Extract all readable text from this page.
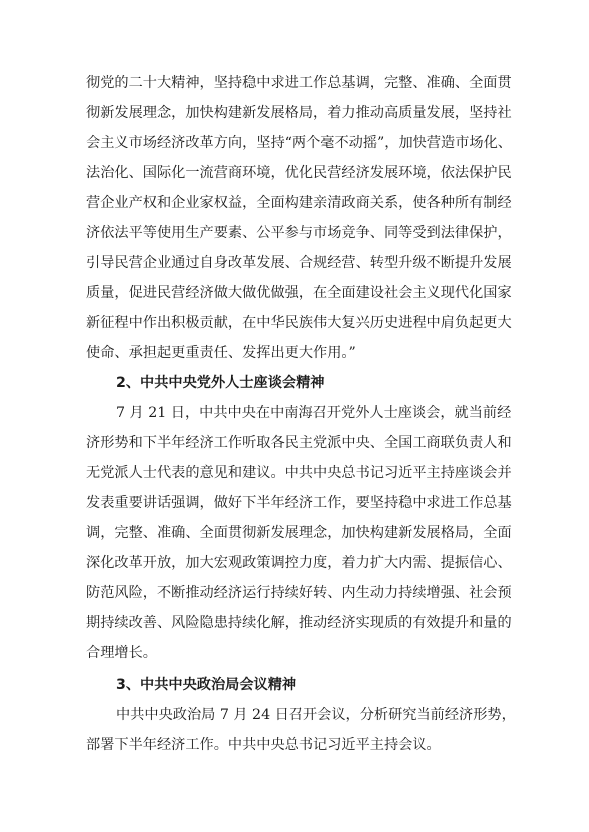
彻党的二十大精神，坚持稳中求进工作总基调，完整、准确、全面贯
彻新发展理念，加快构建新发展格局，着力推动高质量发展，坚持社
会主义市场经济改革方向，坚持“两个毫不动摇”，加快营造市场化、
法治化、国际化一流营商环境，优化民营经济发展环境，依法保护民
营企业产权和企业家权益，全面构建亲清政商关系，使各种所有制经
济依法平等使用生产要素、公平参与市场竞争、同等受到法律保护，
引导民营企业通过自身改革发展、合规经营、转型升级不断提升发展
质量，促进民营经济做大做优做强，在全面建设社会主义现代化国家
新征程中作出积极贡献，在中华民族伟大复兴历史进程中肩负起更大
使命、承担起更重责任、发挥出更大作用。”
2、中共中央党外人士座谈会精神
7 月 21 日，中共中央在中南海召开党外人士座谈会，就当前经
济形势和下半年经济工作听取各民主党派中央、全国工商联负责人和
无党派人士代表的意见和建议。中共中央总书记习近平主持座谈会并
发表重要讲话强调，做好下半年经济工作，要坚持稳中求进工作总基
调，完整、准确、全面贯彻新发展理念，加快构建新发展格局，全面
深化改革开放，加大宏观政策调控力度，着力扩大内需、提振信心、
防范风险，不断推动经济运行持续好转、内生动力持续增强、社会预
期持续改善、风险隐患持续化解，推动经济实现质的有效提升和量的
合理增长。
3、中共中央政治局会议精神
中共中央政治局 7 月 24 日召开会议，分析研究当前经济形势，
部署下半年经济工作。中共中央总书记习近平主持会议。
